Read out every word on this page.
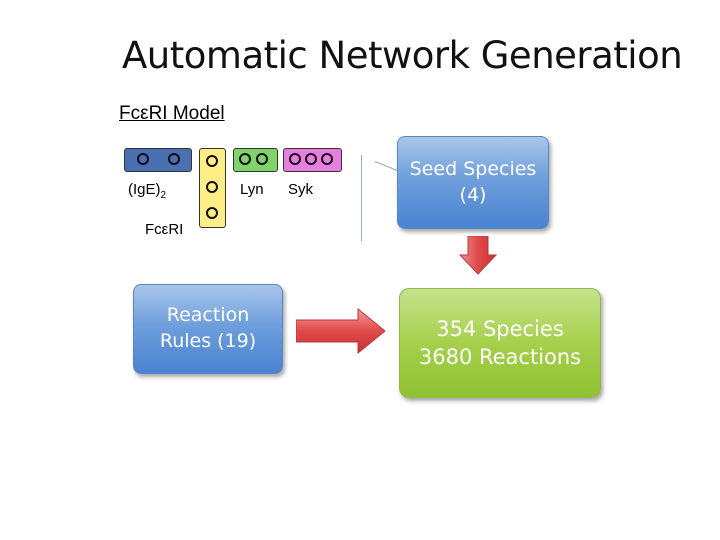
Automatic Network Generation
FcεRI Model
$(IgE)_2$
FcεRI
Lyn Syk
Seed Species
(4)
Reaction
Rules (19)
354 Species
3680 Reactions
